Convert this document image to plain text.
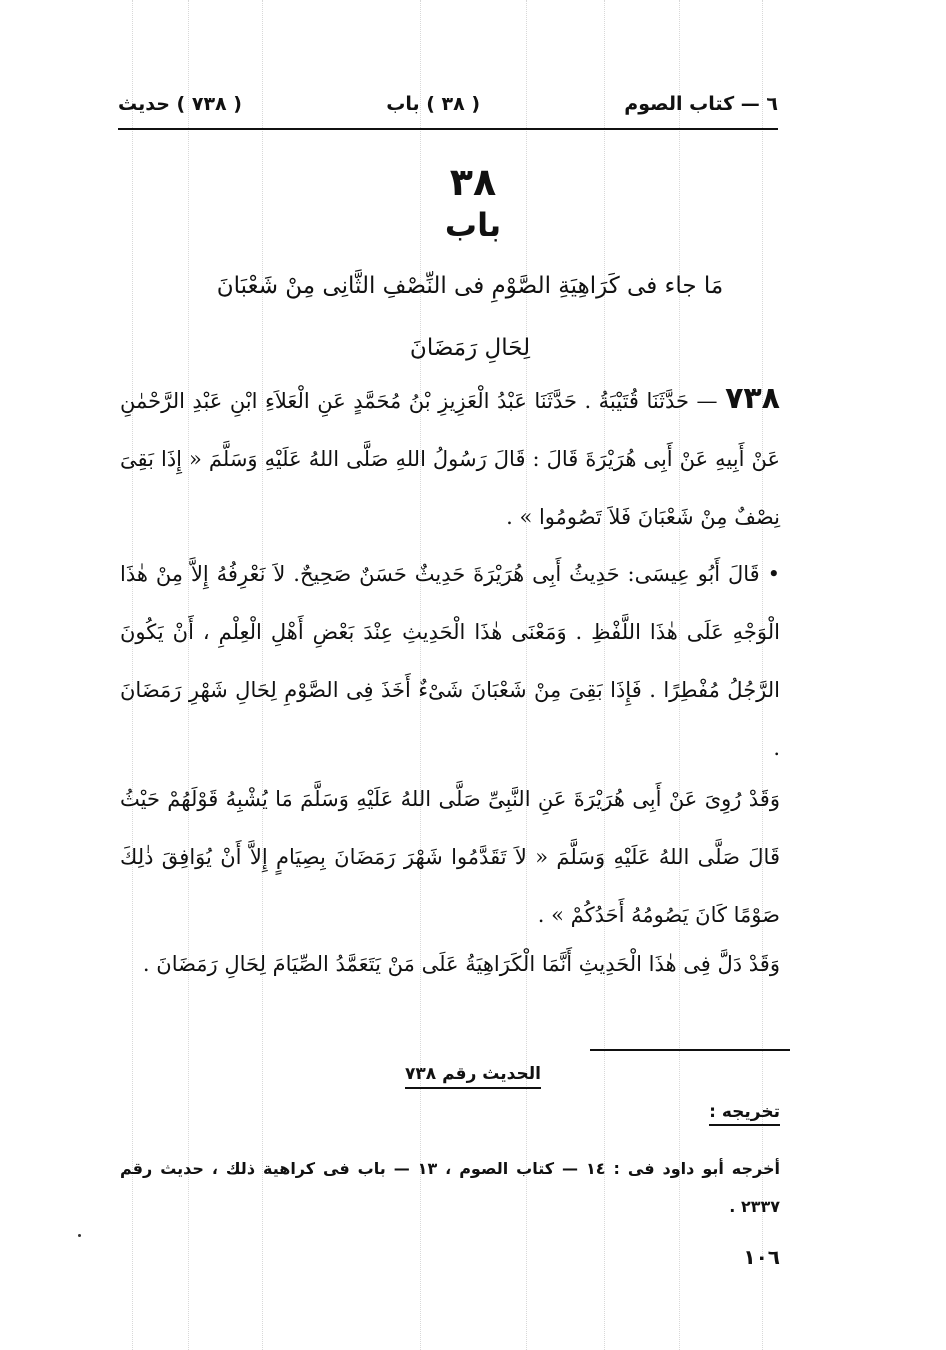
٦ — كتاب الصوم
( ٣٨ ) باب
( ٧٣٨ ) حديث
٣٨
باب
مَا جاء فى كَرَاهِيَةِ الصَّوْمِ فى النِّصْفِ الثَّانِى مِنْ شَعْبَانَ
لِحَالِ رَمَضَانَ
٧٣٨ — حَدَّثَنَا قُتَيْبَةُ . حَدَّثَنَا عَبْدُ الْعَزِيزِ بْنُ مُحَمَّدٍ عَنِ الْعَلاَءِ ابْنِ عَبْدِ الرَّحْمٰنِ عَنْ أَبِيهِ عَنْ أَبِى هُرَيْرَةَ قَالَ : قَالَ رَسُولُ اللهِ صَلَّى اللهُ عَلَيْهِ وَسَلَّمَ « إِذَا بَقِىَ نِصْفٌ مِنْ شَعْبَانَ فَلاَ تَصُومُوا » .
• قَالَ أَبُو عِيسَى: حَدِيثُ أَبِى هُرَيْرَةَ حَدِيثٌ حَسَنٌ صَحِيحٌ. لاَ نَعْرِفُهُ إِلاَّ مِنْ هٰذَا الْوَجْهِ عَلَى هٰذَا اللَّفْظِ . وَمَعْنَى هٰذَا الْحَدِيثِ عِنْدَ بَعْضِ أَهْلِ الْعِلْمِ ، أَنْ يَكُونَ الرَّجُلُ مُفْطِرًا . فَإِذَا بَقِىَ مِنْ شَعْبَانَ شَىْءٌ أَخَذَ فِى الصَّوْمِ لِحَالِ شَهْرِ رَمَضَانَ .
وَقَدْ رُوِىَ عَنْ أَبِى هُرَيْرَةَ عَنِ النَّبِىِّ صَلَّى اللهُ عَلَيْهِ وَسَلَّمَ مَا يُشْبِهُ قَوْلَهُمْ حَيْثُ قَالَ صَلَّى اللهُ عَلَيْهِ وَسَلَّمَ « لاَ تَقَدَّمُوا شَهْرَ رَمَضَانَ بِصِيَامٍ إِلاَّ أَنْ يُوَافِقَ ذٰلِكَ صَوْمًا كَانَ يَصُومُهُ أَحَدُكُمْ » .
وَقَدْ دَلَّ فِى هٰذَا الْحَدِيثِ أَنَّمَا الْكَرَاهِيَةُ عَلَى مَنْ يَتَعَمَّدُ الصِّيَامَ لِحَالِ رَمَضَانَ .
الحديث رقم ٧٣٨
تخريجه :
أخرجه أبو داود فى : ١٤ — كتاب الصوم ، ١٣ — باب فى كراهية ذلك ، حديث رقم ٢٣٣٧ .
١٠٦
